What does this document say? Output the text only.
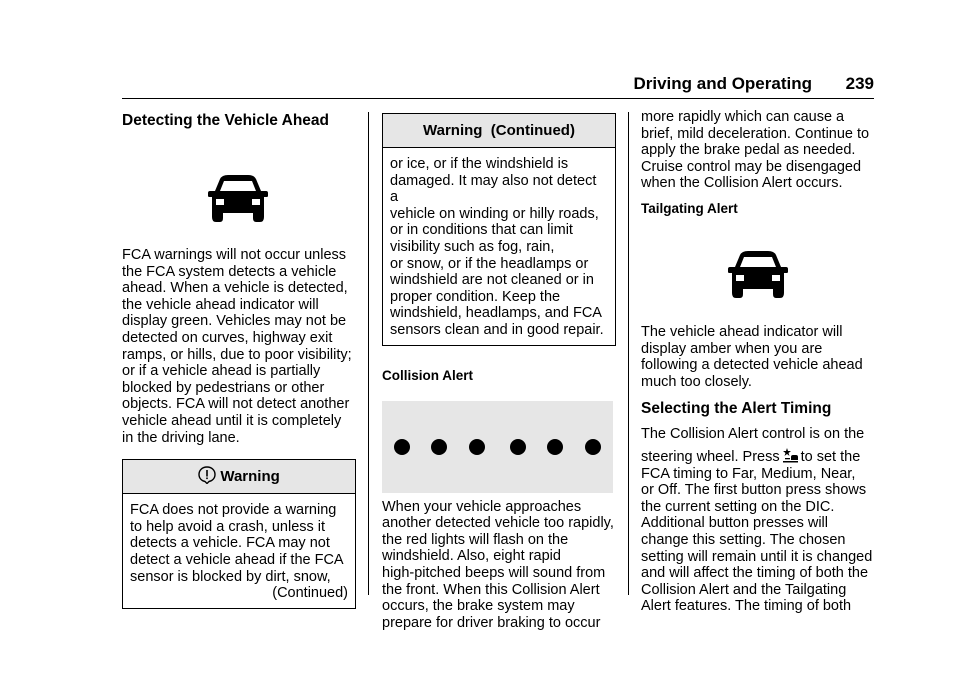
Driving and Operating 239
Detecting the Vehicle Ahead

FCA warnings will not occur unless

the FCA system detects a vehicle

ahead. When a vehicle is detected,

the vehicle ahead indicator will

display green. Vehicles may not be

detected on curves, highway exit

ramps, or hills, due to poor visibility;

or if a vehicle ahead is partially

blocked by pedestrians or other

objects. FCA will not detect another

vehicle ahead until it is completely

in the driving lane.

Warning

FCA does not provide a warning

to help avoid a crash, unless it

detects a vehicle. FCA may not

detect a vehicle ahead if the FCA

sensor is blocked by dirt, snow,

(Continued)

Warning  (Continued)

or ice, or if the windshield is

damaged. It may also not detect a

vehicle on winding or hilly roads,

or in conditions that can limit

visibility such as fog, rain,

or snow, or if the headlamps or

windshield are not cleaned or in

proper condition. Keep the

windshield, headlamps, and FCA

sensors clean and in good repair.

Collision Alert

When your vehicle approaches

another detected vehicle too rapidly,

the red lights will flash on the

windshield. Also, eight rapid

high-pitched beeps will sound from

the front. When this Collision Alert

occurs, the brake system may

prepare for driver braking to occur

more rapidly which can cause a

brief, mild deceleration. Continue to

apply the brake pedal as needed.

Cruise control may be disengaged

when the Collision Alert occurs.

Tailgating Alert

The vehicle ahead indicator will

display amber when you are

following a detected vehicle ahead

much too closely.

Selecting the Alert Timing

The Collision Alert control is on the

steering wheel. Press to set the

FCA timing to Far, Medium, Near,

or Off. The first button press shows

the current setting on the DIC.

Additional button presses will

change this setting. The chosen

setting will remain until it is changed

and will affect the timing of both the

Collision Alert and the Tailgating

Alert features. The timing of both
